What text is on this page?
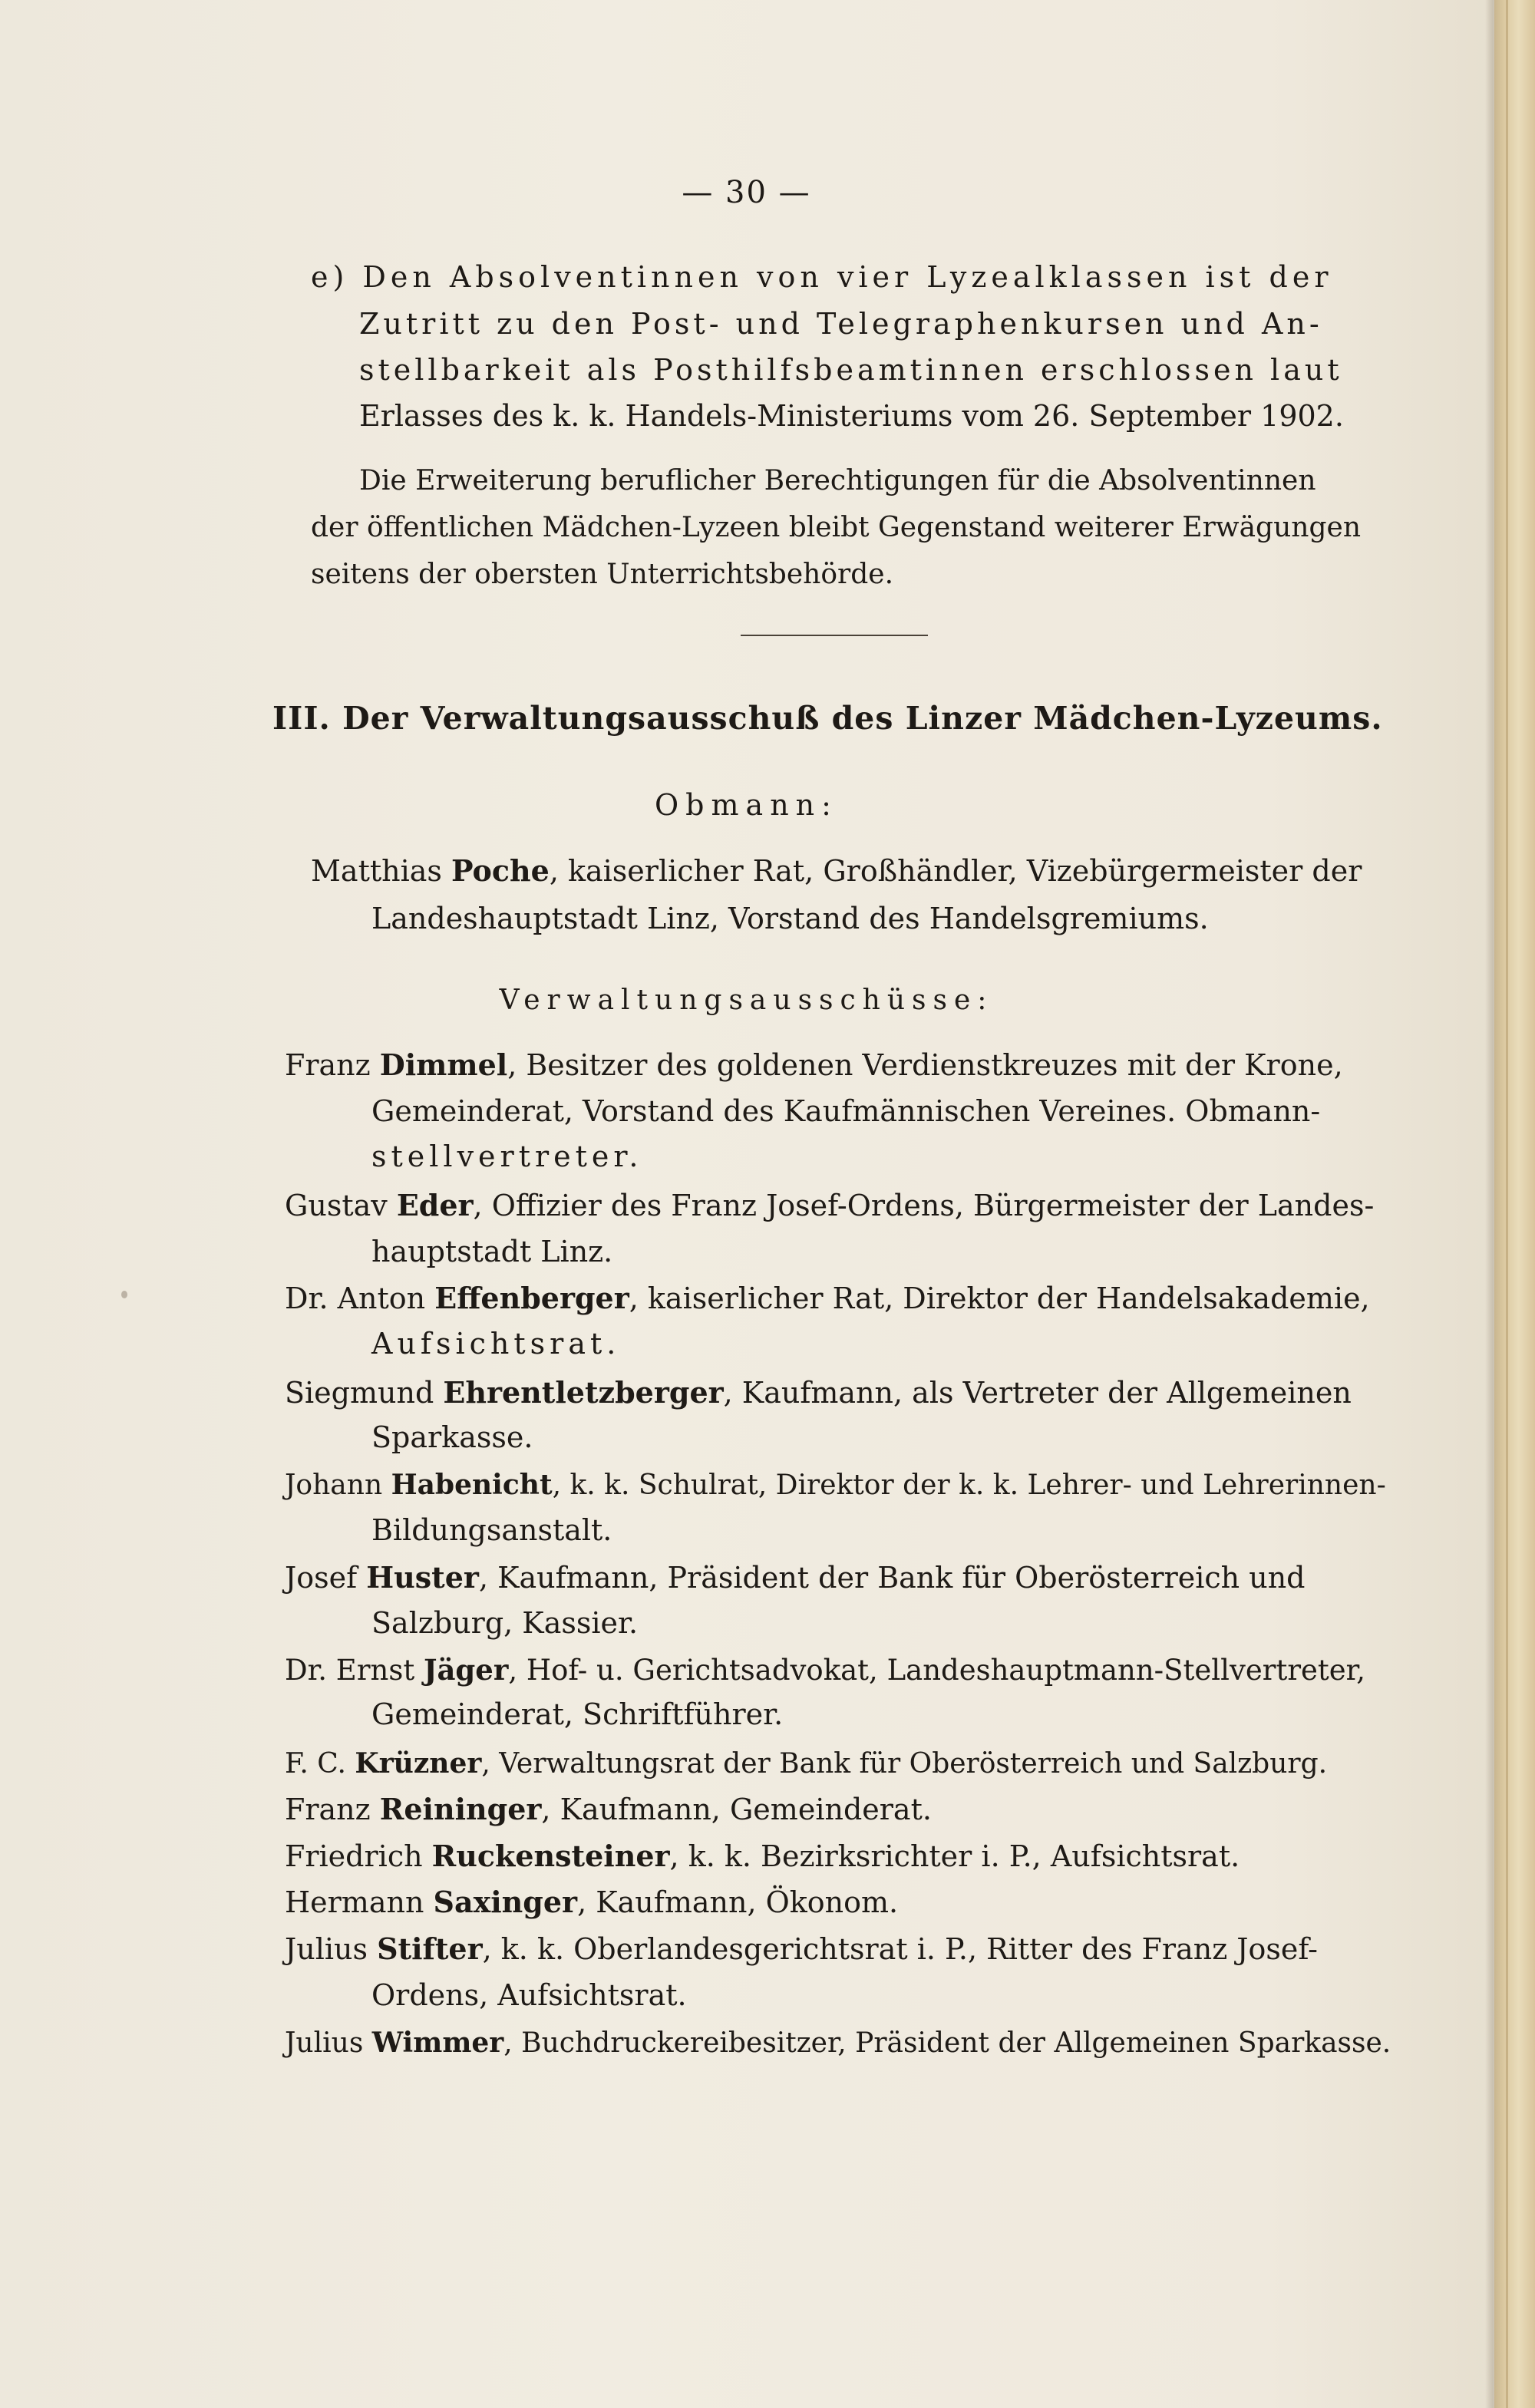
— 30 —
e) Den Absolventinnen von vier Lyzealklassen ist der
Zutritt zu den Post- und Telegraphenkursen und An-
stellbarkeit als Posthilfsbeamtinnen erschlossen laut
Erlasses des k. k. Handels-Ministeriums vom 26. September 1902.
Die Erweiterung beruflicher Berechtigungen für die Absolventinnen
der öffentlichen Mädchen-Lyzeen bleibt Gegenstand weiterer Erwägungen
seitens der obersten Unterrichtsbehörde.
III. Der Verwaltungsausschuß des Linzer Mädchen-Lyzeums.
Obmann:
Matthias Poche, kaiserlicher Rat, Großhändler, Vizebürgermeister der
Landeshauptstadt Linz, Vorstand des Handelsgremiums.
Verwaltungsausschüsse:
Franz Dimmel, Besitzer des goldenen Verdienstkreuzes mit der Krone,
Gemeinderat, Vorstand des Kaufmännischen Vereines. Obmann-
stellvertreter.
Gustav Eder, Offizier des Franz Josef-Ordens, Bürgermeister der Landes-
hauptstadt Linz.
Dr. Anton Effenberger, kaiserlicher Rat, Direktor der Handelsakademie,
Aufsichtsrat.
Siegmund Ehrentletzberger, Kaufmann, als Vertreter der Allgemeinen
Sparkasse.
Johann Habenicht, k. k. Schulrat, Direktor der k. k. Lehrer- und Lehrerinnen-
Bildungsanstalt.
Josef Huster, Kaufmann, Präsident der Bank für Oberösterreich und
Salzburg, Kassier.
Dr. Ernst Jäger, Hof- u. Gerichtsadvokat, Landeshauptmann-Stellvertreter,
Gemeinderat, Schriftführer.
F. C. Krüzner, Verwaltungsrat der Bank für Oberösterreich und Salzburg.
Franz Reininger, Kaufmann, Gemeinderat.
Friedrich Ruckensteiner, k. k. Bezirksrichter i. P., Aufsichtsrat.
Hermann Saxinger, Kaufmann, Ökonom.
Julius Stifter, k. k. Oberlandesgerichtsrat i. P., Ritter des Franz Josef-
Ordens, Aufsichtsrat.
Julius Wimmer, Buchdruckereibesitzer, Präsident der Allgemeinen Sparkasse.
